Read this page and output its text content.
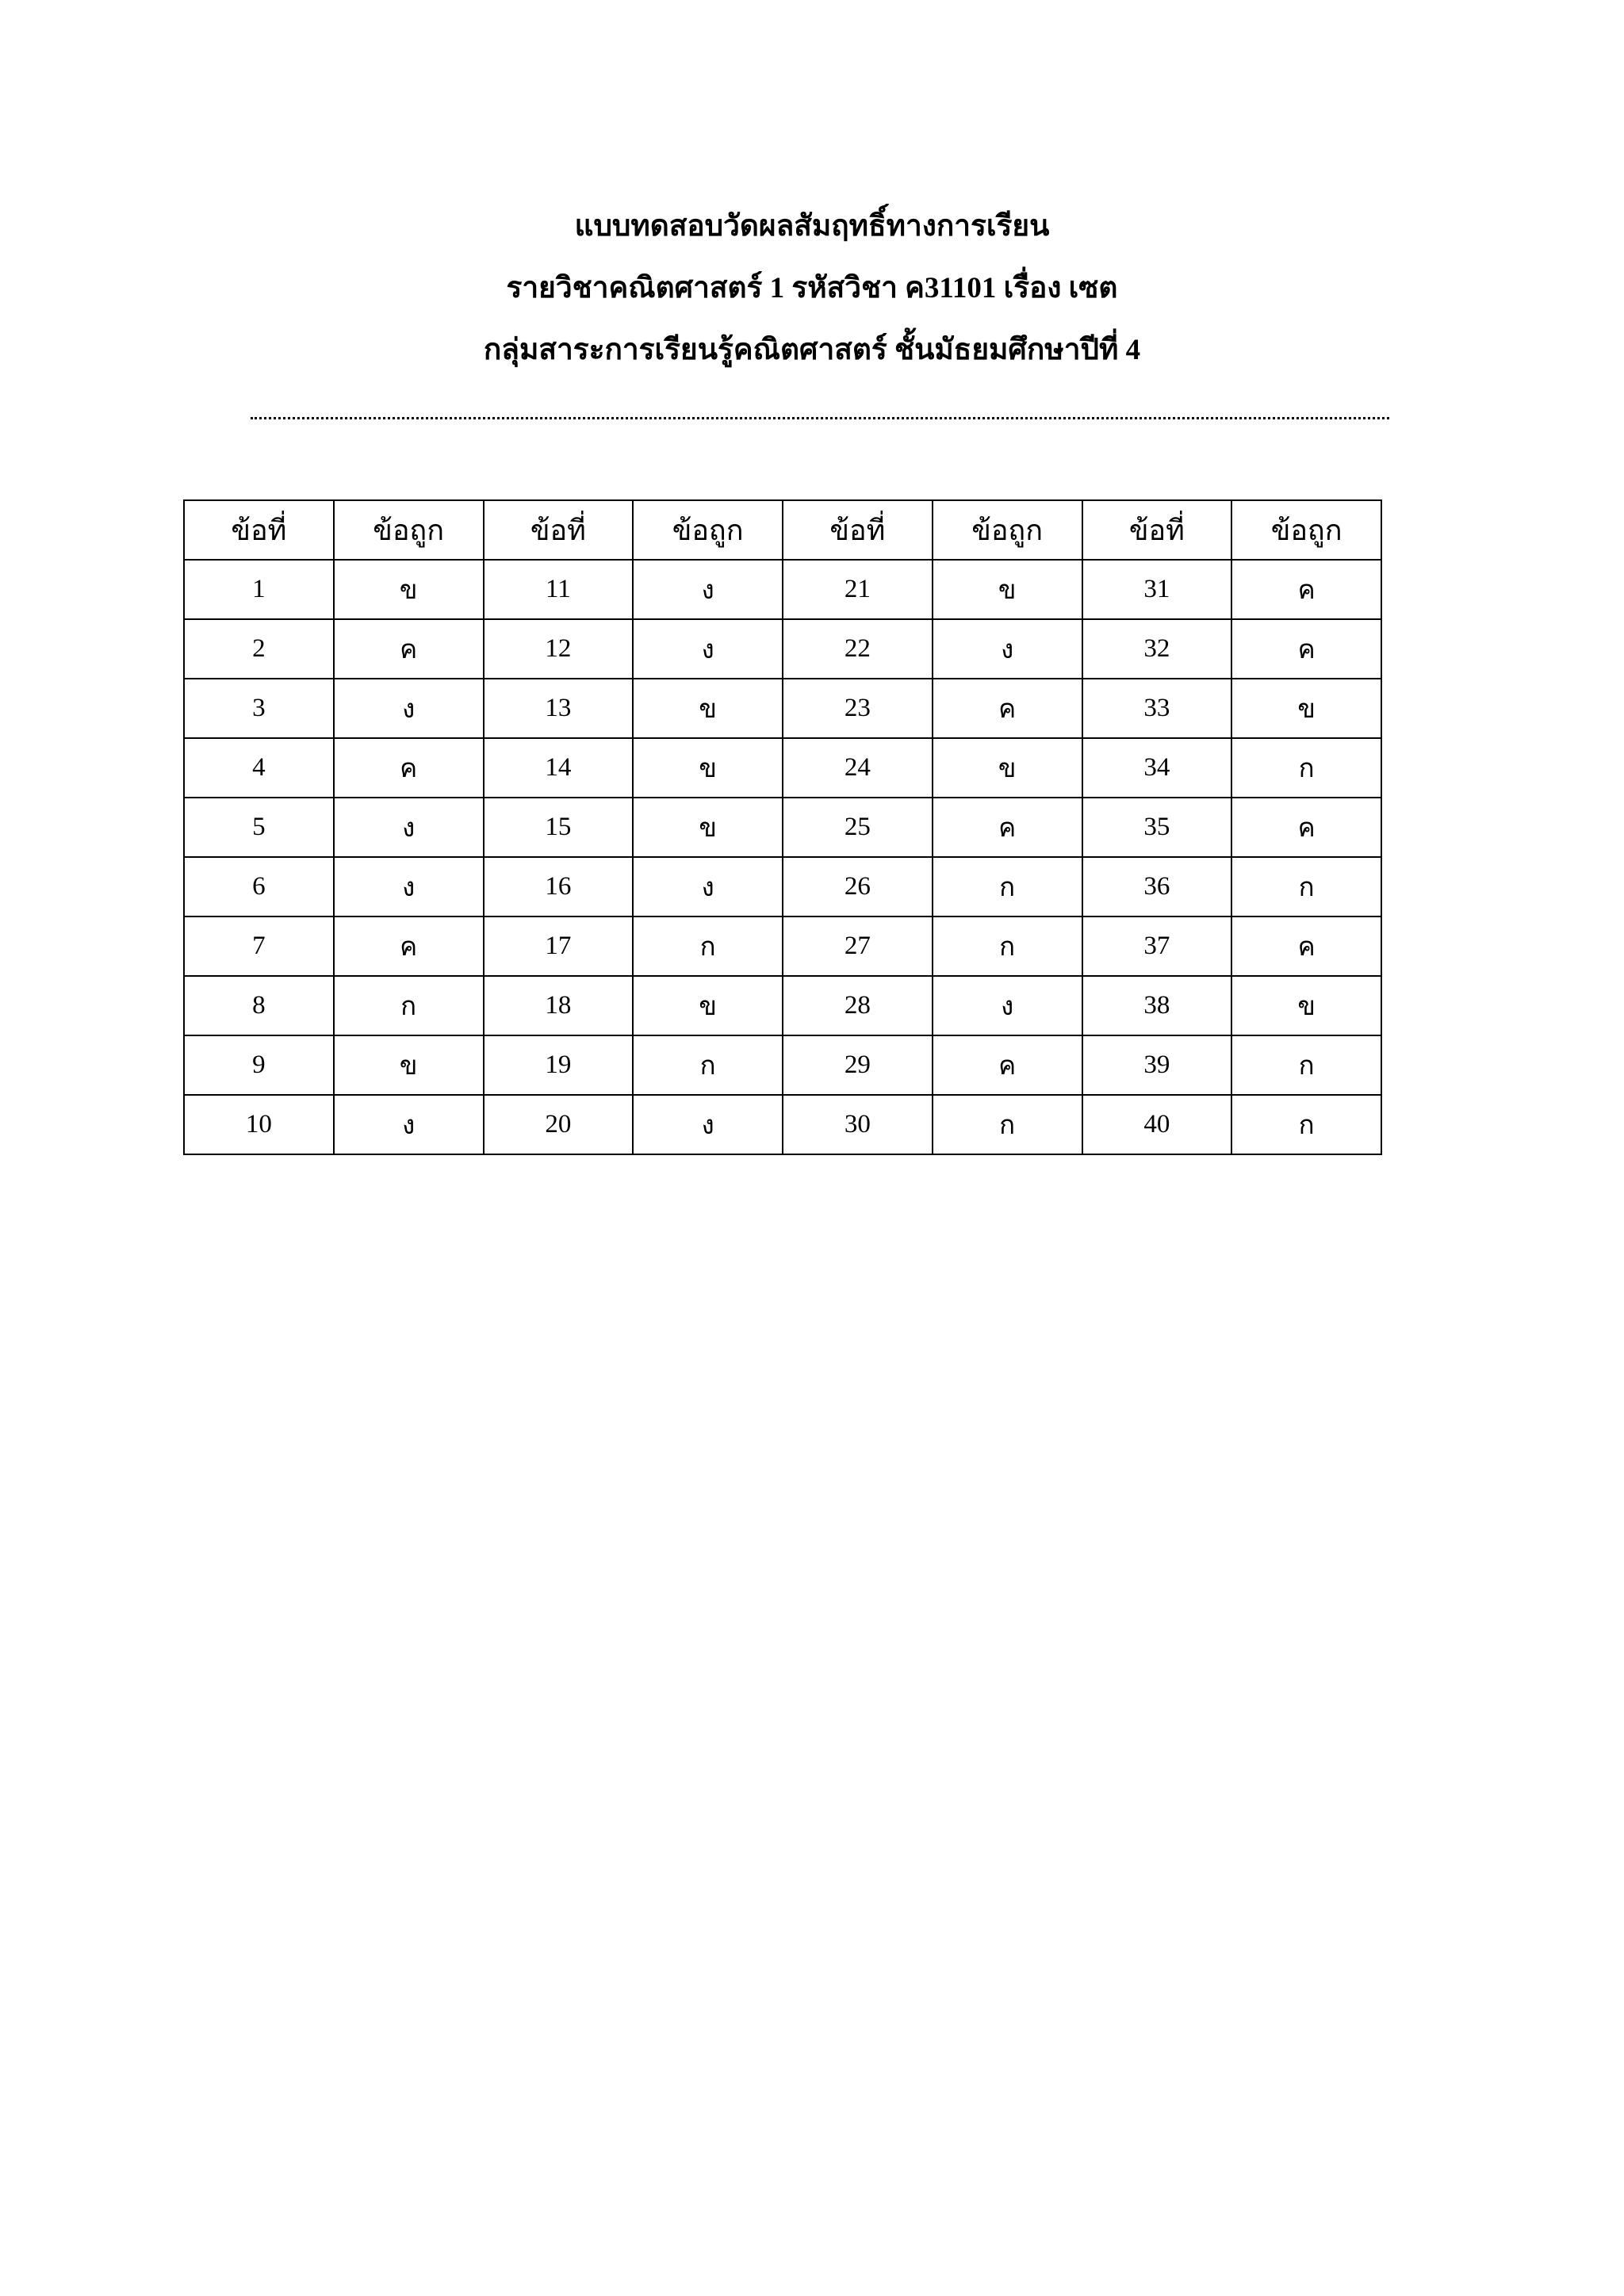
แบบทดสอบวัดผลสัมฤทธิ์ทางการเรียน
รายวิชาคณิตศาสตร์ 1 รหัสวิชา ค31101 เรื่อง เซต
กลุ่มสาระการเรียนรู้คณิตศาสตร์ ชั้นมัธยมศึกษาปีที่ 4
ข้อที่	ข้อถูก	ข้อที่	ข้อถูก	ข้อที่	ข้อถูก	ข้อที่	ข้อถูก
1	ข	11	ง	21	ข	31	ค
2	ค	12	ง	22	ง	32	ค
3	ง	13	ข	23	ค	33	ข
4	ค	14	ข	24	ข	34	ก
5	ง	15	ข	25	ค	35	ค
6	ง	16	ง	26	ก	36	ก
7	ค	17	ก	27	ก	37	ค
8	ก	18	ข	28	ง	38	ข
9	ข	19	ก	29	ค	39	ก
10	ง	20	ง	30	ก	40	ก
